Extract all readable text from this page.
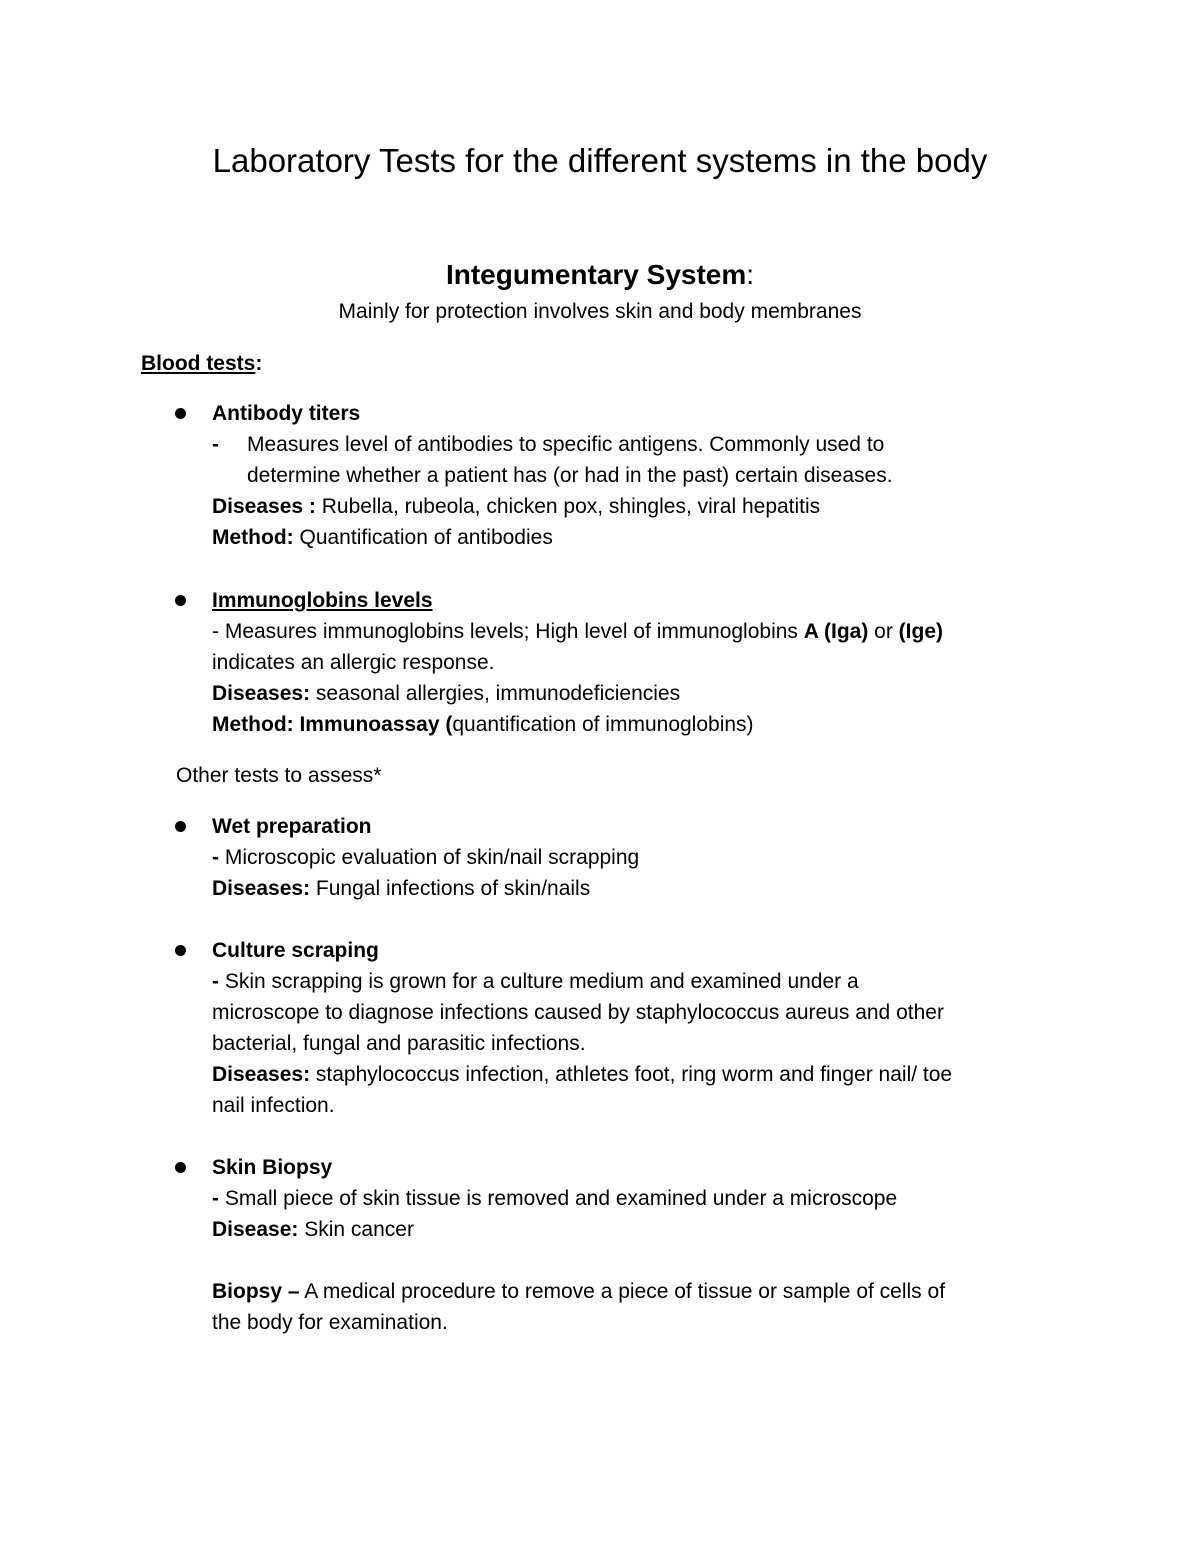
Laboratory Tests for the different systems in the body
Integumentary System:

Mainly for protection involves skin and body membranes

Blood tests:

Antibody titers

- Measures level of antibodies to specific antigens. Commonly used to

determine whether a patient has (or had in the past) certain diseases.

Diseases : Rubella, rubeola, chicken pox, shingles, viral hepatitis

Method: Quantification of antibodies

Immunoglobins levels

- Measures immunoglobins levels; High level of immunoglobins A (Iga) or (Ige)

indicates an allergic response.

Diseases: seasonal allergies, immunodeficiencies

Method: Immunoassay (quantification of immunoglobins)

Other tests to assess*

Wet preparation

- Microscopic evaluation of skin/nail scrapping

Diseases: Fungal infections of skin/nails

Culture scraping

- Skin scrapping is grown for a culture medium and examined under a

microscope to diagnose infections caused by staphylococcus aureus and other

bacterial, fungal and parasitic infections.

Diseases: staphylococcus infection, athletes foot, ring worm and finger nail/ toe

nail infection.

Skin Biopsy

- Small piece of skin tissue is removed and examined under a microscope

Disease: Skin cancer

Biopsy – A medical procedure to remove a piece of tissue or sample of cells of

the body for examination.
